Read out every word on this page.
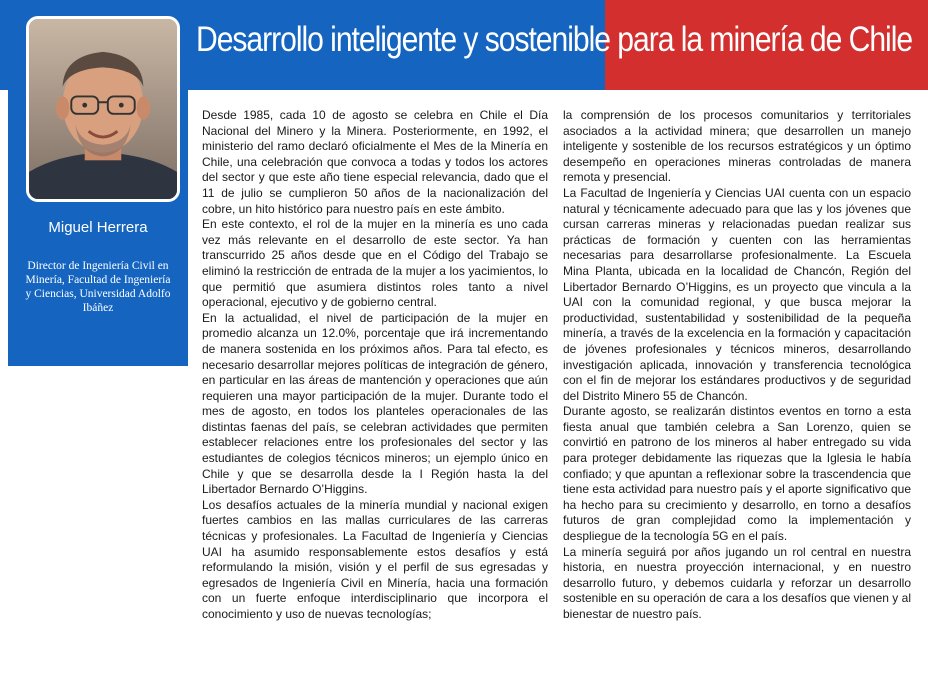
Desarrollo inteligente y sostenible para la minería de Chile
Miguel Herrera
Director de Ingeniería Civil en Minería, Facultad de Ingeniería y Ciencias, Universidad Adolfo Ibáñez

Desde 1985, cada 10 de agosto se celebra en Chile el Día Nacional del Minero y la Minera. Posteriormente, en 1992, el ministerio del ramo declaró oficialmente el Mes de la Minería en Chile, una celebración que convoca a todas y todos los actores del sector y que este año tiene especial relevancia, dado que el 11 de julio se cumplieron 50 años de la nacionalización del cobre, un hito histórico para nuestro país en este ámbito.

En este contexto, el rol de la mujer en la minería es uno cada vez más relevante en el desarrollo de este sector. Ya han transcurrido 25 años desde que en el Código del Trabajo se eliminó la restricción de entrada de la mujer a los yacimientos, lo que permitió que asumiera distintos roles tanto a nivel operacional, ejecutivo y de gobierno central.

En la actualidad, el nivel de participación de la mujer en promedio alcanza un 12.0%, porcentaje que irá incrementando de manera sostenida en los próximos años. Para tal efecto, es necesario desarrollar mejores políticas de integración de género, en particular en las áreas de mantención y operaciones que aún requieren una mayor participación de la mujer. Durante todo el mes de agosto, en todos los planteles operacionales de las distintas faenas del país, se celebran actividades que permiten establecer relaciones entre los profesionales del sector y las estudiantes de colegios técnicos mineros; un ejemplo único en Chile y que se desarrolla desde la I Región hasta la del Libertador Bernardo O’Higgins.

Los desafíos actuales de la minería mundial y nacional exigen fuertes cambios en las mallas curriculares de las carreras técnicas y profesionales. La Facultad de Ingeniería y Ciencias UAI ha asumido responsablemente estos desafíos y está reformulando la misión, visión y el perfil de sus egresadas y egresados de Ingeniería Civil en Minería, hacia una formación con un fuerte enfoque interdisciplinario que incorpora el conocimiento y uso de nuevas tecnologías;

la comprensión de los procesos comunitarios y territoriales asociados a la actividad minera; que desarrollen un manejo inteligente y sostenible de los recursos estratégicos y un óptimo desempeño en operaciones mineras controladas de manera remota y presencial.

La Facultad de Ingeniería y Ciencias UAI cuenta con un espacio natural y técnicamente adecuado para que las y los jóvenes que cursan carreras mineras y relacionadas puedan realizar sus prácticas de formación y cuenten con las herramientas necesarias para desarrollarse profesionalmente. La Escuela Mina Planta, ubicada en la localidad de Chancón, Región del Libertador Bernardo O’Higgins, es un proyecto que vincula a la UAI con la comunidad regional, y que busca mejorar la productividad, sustentabilidad y sostenibilidad de la pequeña minería, a través de la excelencia en la formación y capacitación de jóvenes profesionales y técnicos mineros, desarrollando investigación aplicada, innovación y transferencia tecnológica con el fin de mejorar los estándares productivos y de seguridad del Distrito Minero 55 de Chancón.

Durante agosto, se realizarán distintos eventos en torno a esta fiesta anual que también celebra a San Lorenzo, quien se convirtió en patrono de los mineros al haber entregado su vida para proteger debidamente las riquezas que la Iglesia le había confiado; y que apuntan a reflexionar sobre la trascendencia que tiene esta actividad para nuestro país y el aporte significativo que ha hecho para su crecimiento y desarrollo, en torno a desafíos futuros de gran complejidad como la implementación y despliegue de la tecnología 5G en el país.

La minería seguirá por años jugando un rol central en nuestra historia, en nuestra proyección internacional, y en nuestro desarrollo futuro, y debemos cuidarla y reforzar un desarrollo sostenible en su operación de cara a los desafíos que vienen y al bienestar de nuestro país.
